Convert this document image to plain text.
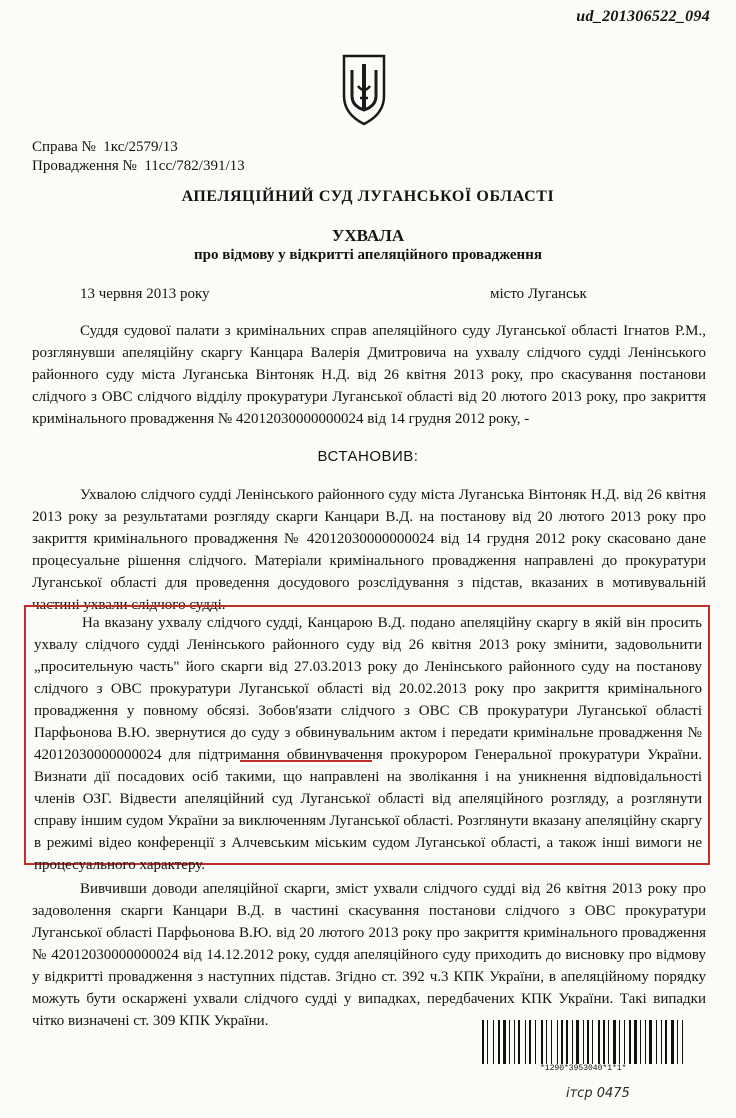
ud_201306522_094
Справа № 1кс/2579/13
Провадження № 11сс/782/391/13
АПЕЛЯЦІЙНИЙ СУД ЛУГАНСЬКОЇ ОБЛАСТІ
УХВАЛА
про відмову у відкритті апеляційного провадження
13 червня 2013 року	місто Луганськ
Суддя судової палати з кримінальних справ апеляційного суду Луганської області Ігнатов Р.М., розглянувши апеляційну скаргу Канцара Валерія Дмитровича на ухвалу слідчого судді Ленінського районного суду міста Луганська Вінтоняк Н.Д. від 26 квітня 2013 року, про скасування постанови слідчого з ОВС слідчого відділу прокуратури Луганської області від 20 лютого 2013 року, про закриття кримінального провадження № 42012030000000024 від 14 грудня 2012 року, -
ВСТАНОВИВ:
Ухвалою слідчого судді Ленінського районного суду міста Луганська Вінтоняк Н.Д. від 26 квітня 2013 року за результатами розгляду скарги Канцари В.Д. на постанову від 20 лютого 2013 року про закриття кримінального провадження № 42012030000000024 від 14 грудня 2012 року скасовано дане процесуальне рішення слідчого. Матеріали кримінального провадження направлені до прокуратури Луганської області для проведення досудового розслідування з підстав, вказаних в мотивувальній частині ухвали слідчого судді.
На вказану ухвалу слідчого судді, Канцарою В.Д. подано апеляційну скаргу в якій він просить ухвалу слідчого судді Ленінського районного суду від 26 квітня 2013 року змінити, задовольнити „просительную часть" його скарги від 27.03.2013 року до Ленінського районного суду на постанову слідчого з ОВС прокуратури Луганської області від 20.02.2013 року про закриття кримінального провадження у повному обсязі. Зобов'язати слідчого з ОВС СВ прокуратури Луганської області Парфьонова В.Ю. звернутися до суду з обвинувальним актом і передати кримінальне провадження № 42012030000000024 для підтримання обвинувачення прокурором Генеральної прокуратури України. Визнати дії посадових осіб такими, що направлені на зволікання і на уникнення відповідальності членів ОЗГ. Відвести апеляційний суд Луганської області від апеляційного розгляду, а розглянути справу іншим судом України за виключенням Луганської області. Розглянути вказану апеляційну скаргу в режимі відео конференції з Алчевським міським судом Луганської області, а також інші вимоги не процесуального характеру.
Вивчивши доводи апеляційної скарги, зміст ухвали слідчого судді від 26 квітня 2013 року про задоволення скарги Канцари В.Д. в частині скасування постанови слідчого з ОВС прокуратури Луганської області Парфьонова В.Ю. від 20 лютого 2013 року про закриття кримінального провадження № 42012030000000024 від 14.12.2012 року, суддя апеляційного суду приходить до висновку про відмову у відкритті провадження з наступних підстав. Згідно ст. 392 ч.3 КПК України, в апеляційному порядку можуть бути оскаржені ухвали слідчого судді у випадках, передбачених КПК України. Такі випадки чітко визначені ст. 309 КПК України.
*1290*3953040*1*1*
ітср 0475
